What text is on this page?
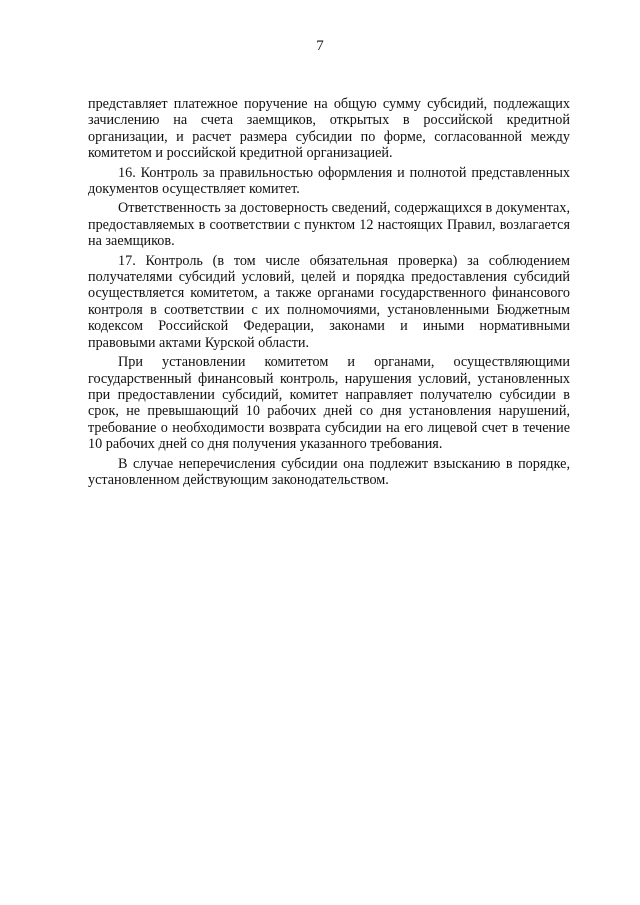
7

представляет платежное поручение на общую сумму субсидий, подлежащих зачислению на счета заемщиков, открытых в российской кредитной организации, и расчет размера субсидии по форме, согласованной между комитетом и российской кредитной организацией.

16. Контроль за правильностью оформления и полнотой представленных документов осуществляет комитет.

Ответственность за достоверность сведений, содержащихся в документах, предоставляемых в соответствии с пунктом 12 настоящих Правил, возлагается на заемщиков.

17. Контроль (в том числе обязательная проверка) за соблюдением получателями субсидий условий, целей и порядка предоставления субсидий осуществляется комитетом, а также органами государственного финансового контроля в соответствии с их полномочиями, установленными Бюджетным кодексом Российской Федерации, законами и иными нормативными правовыми актами Курской области.

При установлении комитетом и органами, осуществляющими государственный финансовый контроль, нарушения условий, установленных при предоставлении субсидий, комитет направляет получателю субсидии в срок, не превышающий 10 рабочих дней со дня установления нарушений, требование о необходимости возврата субсидии на его лицевой счет в течение 10 рабочих дней со дня получения указанного требования.

В случае неперечисления субсидии она подлежит взысканию в порядке, установленном действующим законодательством.
